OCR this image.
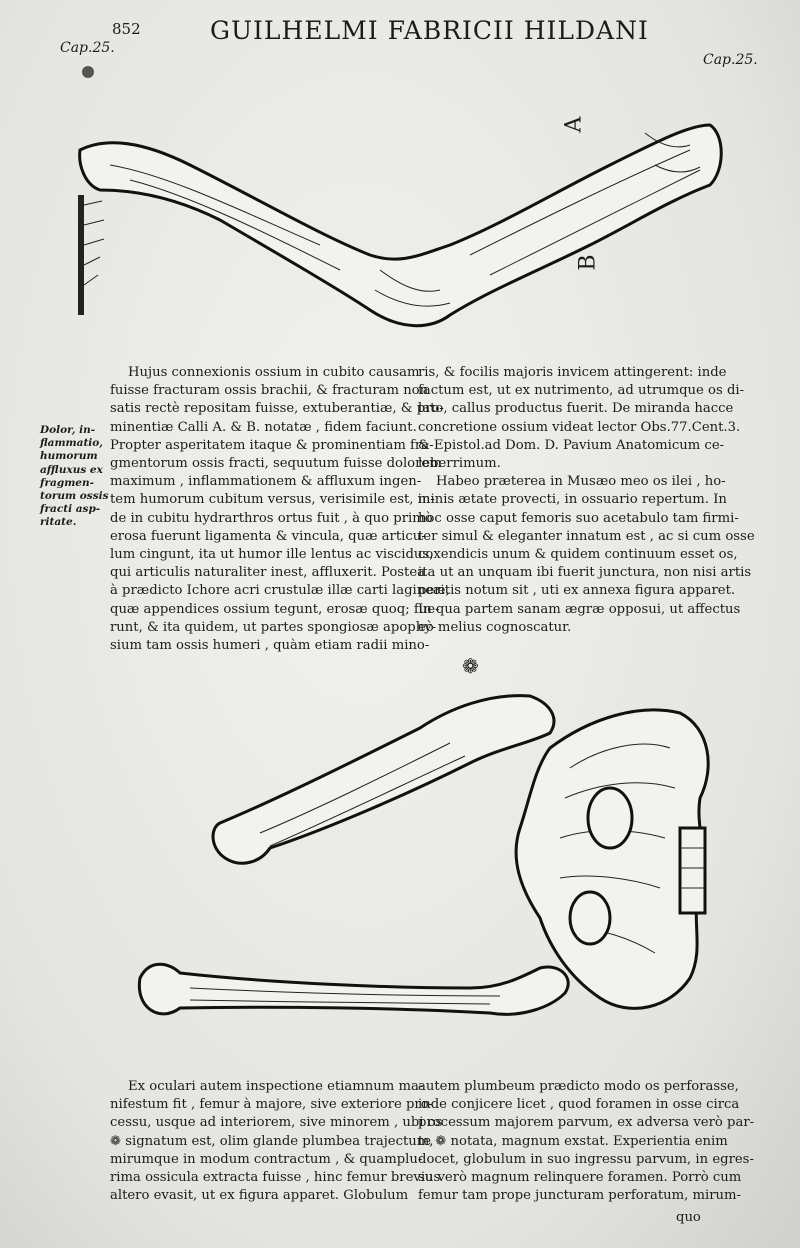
852	GUILHELMI FABRICII HILDANI
Cap.25.
Cap.25.
A
B
Dolor, in-
flammatio,
humorum
affluxus ex
fragmen-
torum ossis
fracti asp-
ritate.
Hujus connexionis ossium in cubito causam
fuisse fracturam ossis brachii, & fracturam non
satis rectè repositam fuisse, extuberantiæ, & pro-
minentiæ Calli A. & B. notatæ , fidem faciunt.
Propter asperitatem itaque & prominentiam fra-
gmentorum ossis fracti, sequutum fuisse dolorem
maximum , inflammationem & affluxum ingen-
tem humorum cubitum versus, verisimile est, in-
de in cubitu hydrarthros ortus fuit , à quo primò
erosa fuerunt ligamenta & vincula, quæ articu-
lum cingunt, ita ut humor ille lentus ac viscidus,
qui articulis naturaliter inest, affluxerit. Postea
à prædicto Ichore acri crustulæ illæ carti lagineæ,
quæ appendices ossium tegunt, erosæ quoq; fue-
runt, & ita quidem, ut partes spongiosæ apophy-
sium tam ossis humeri , quàm etiam radii mino-
ris, & focilis majoris invicem attingerent: inde
factum est, ut ex nutrimento, ad utrumque os di-
lato, callus productus fuerit. De miranda hacce
concretione ossium videat lector Obs.77.Cent.3.
& Epistol.ad Dom. D. Pavium Anatomicum ce-
leberrimum.
Habeo præterea in Musæo meo os ilei , ho-
minis ætate provecti, in ossuario repertum. In
hoc osse caput femoris suo acetabulo tam firmi-
ter simul & eleganter innatum est , ac si cum osse
coxendicis unum & quidem continuum esset os,
ita ut an unquam ibi fuerit junctura, non nisi artis
peritis notum sit , uti ex annexa figura apparet.
In qua partem sanam ægræ opposui, ut affectus
eò melius cognoscatur.
❁
Ex oculari autem inspectione etiamnum ma-
nifestum fit , femur à majore, sive exteriore pro-
cessu, usque ad interiorem, sive minorem , ubi os
❁ signatum est, olim glande plumbea trajectum,
mirumque in modum contractum , & quamplu-
rima ossicula extracta fuisse , hinc femur brevius
altero evasit, ut ex figura apparet. Globulum
autem plumbeum prædicto modo os perforasse,
inde conjicere licet , quod foramen in osse circa
processum majorem parvum, ex adversa verò par-
te ❁ notata, magnum exstat. Experientia enim
docet, globulum in suo ingressu parvum, in egres-
su verò magnum relinquere foramen. Porrò cum
femur tam prope juncturam perforatum, mirum-
quo
